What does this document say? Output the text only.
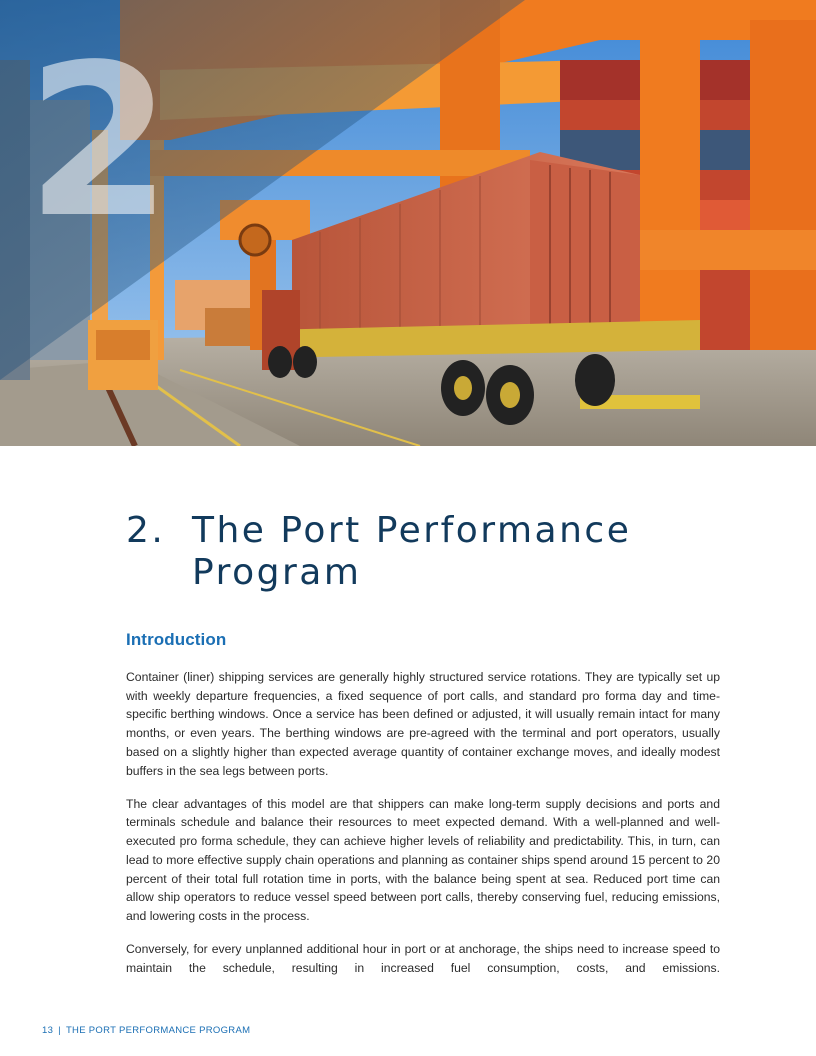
2
2. The Port Performance Program
Introduction

Container (liner) shipping services are generally highly structured service rotations. They are typically set up with weekly departure frequencies, a fixed sequence of port calls, and standard pro forma day and time-specific berthing windows. Once a service has been defined or adjusted, it will usually remain intact for many months, or even years. The berthing windows are pre-agreed with the terminal and port operators, usually based on a slightly higher than expected average quantity of container exchange moves, and ideally modest buffers in the sea legs between ports.

The clear advantages of this model are that shippers can make long-term supply decisions and ports and terminals schedule and balance their resources to meet expected demand. With a well-planned and well-executed pro forma schedule, they can achieve higher levels of reliability and predictability. This, in turn, can lead to more effective supply chain operations and planning as container ships spend around 15 percent to 20 percent of their total full rotation time in ports, with the balance being spent at sea. Reduced port time can allow ship operators to reduce vessel speed between port calls, thereby conserving fuel, reducing emissions, and lowering costs in the process.

Conversely, for every unplanned additional hour in port or at anchorage, the ships need to increase speed to maintain the schedule, resulting in increased fuel consumption, costs, and emissions.

13 | THE PORT PERFORMANCE PROGRAM
